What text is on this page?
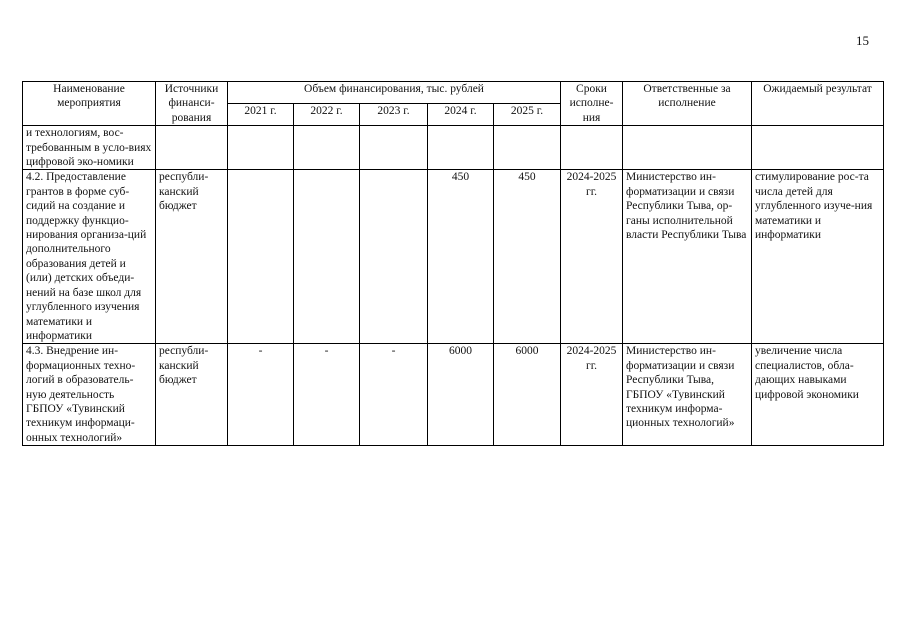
15
Наименование мероприятия	Источники финанси-рования	Объем финансирования, тыс. рублей					Сроки исполне-ния	Ответственные за исполнение	Ожидаемый результат
		2021 г.	2022 г.	2023 г.	2024 г.	2025 г.			
и технологиям, вос-требованным в усло-виях цифровой эко-номики									
4.2. Предоставление грантов в форме суб-сидий на создание и поддержку функцио-нирования организа-ций дополнительного образования детей и (или) детских объеди-нений на базе школ для углубленного изучения математики и информатики	республи-канский бюджет				450	450	2024-2025 гг.	Министерство ин-форматизации и связи Республики Тыва, ор-ганы исполнительной власти Республики Тыва	стимулирование рос-та числа детей для углубленного изуче-ния математики и информатики
4.3. Внедрение ин-формационных техно-логий в образователь-ную деятельность ГБПОУ «Тувинский техникум информаци-онных технологий»	республи-канский бюджет	-	-	-	6000	6000	2024-2025 гг.	Министерство ин-форматизации и связи Республики Тыва, ГБПОУ «Тувинский техникум информа-ционных технологий»	увеличение числа специалистов, обла-дающих навыками цифровой экономики
